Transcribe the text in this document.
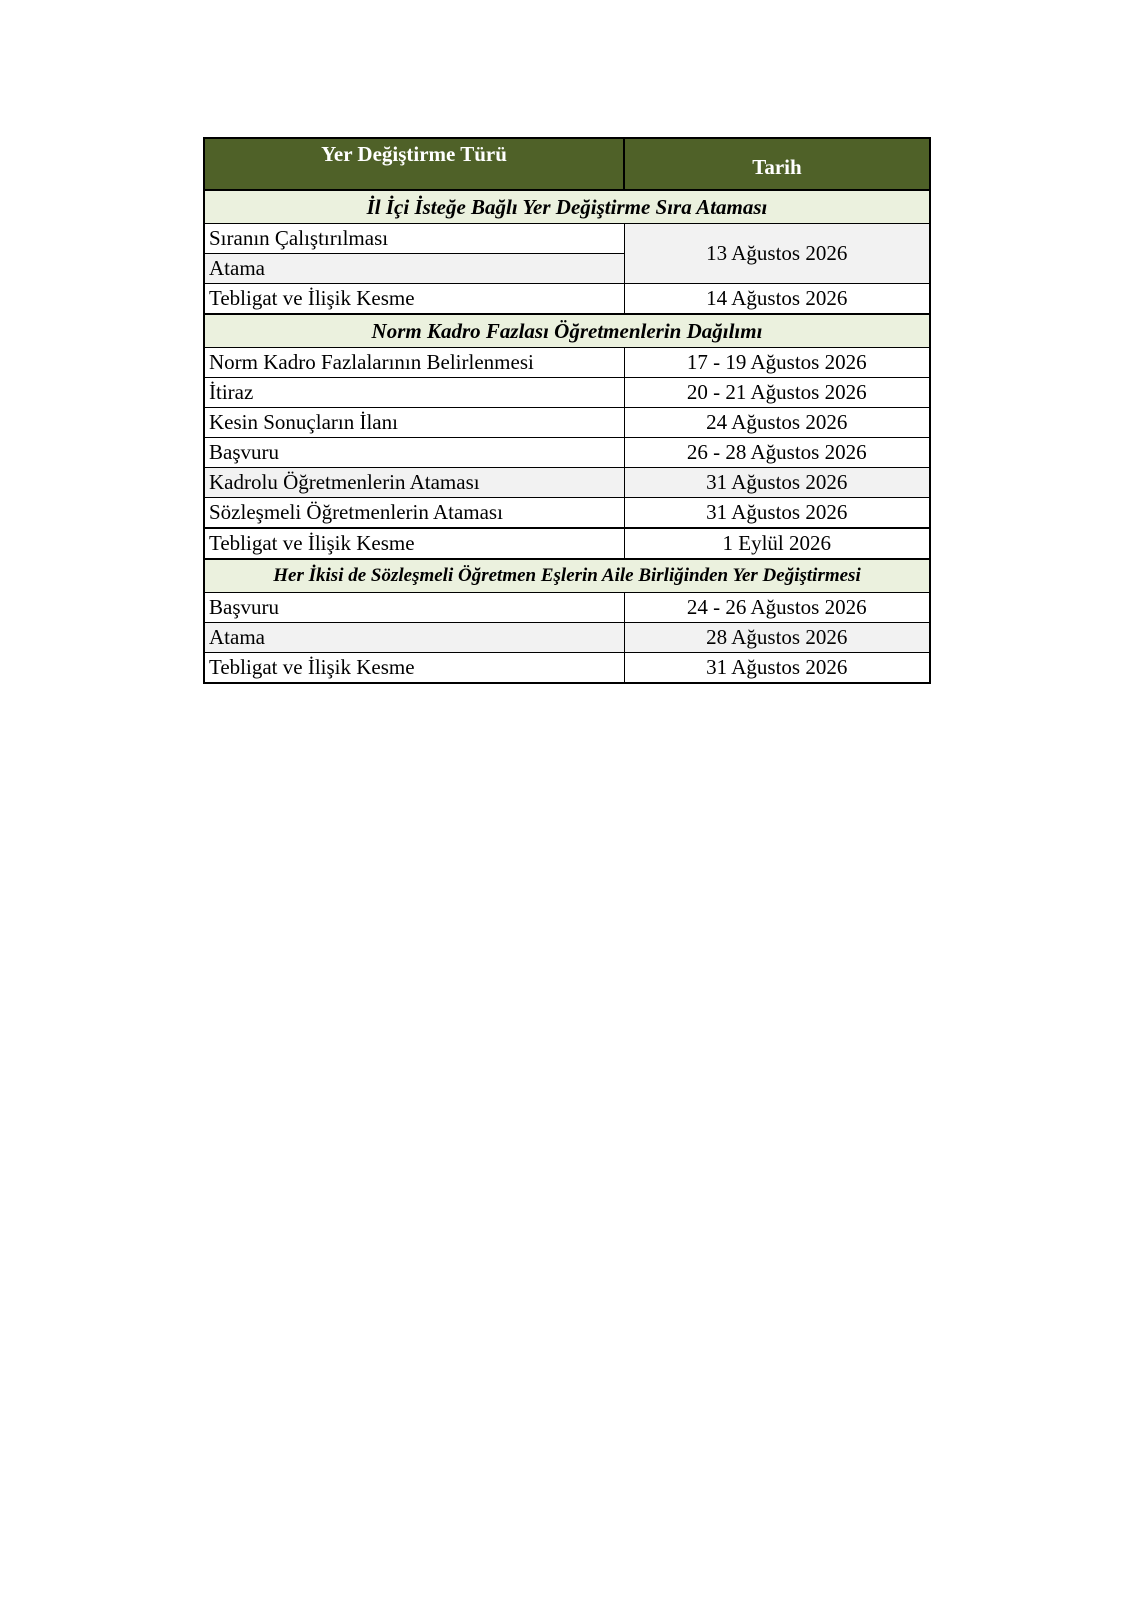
Yer Değiştirme Türü	Tarih
İl İçi İsteğe Bağlı Yer Değiştirme Sıra Ataması	
Sıranın Çalıştırılması	13 Ağustos 2026
Atama	
Tebligat ve İlişik Kesme	14 Ağustos 2026
Norm Kadro Fazlası Öğretmenlerin Dağılımı	
Norm Kadro Fazlalarının Belirlenmesi	17 - 19 Ağustos 2026
İtiraz	20 - 21 Ağustos 2026
Kesin Sonuçların İlanı	24 Ağustos 2026
Başvuru	26 - 28 Ağustos 2026
Kadrolu Öğretmenlerin Ataması	31 Ağustos 2026
Sözleşmeli Öğretmenlerin Ataması	31 Ağustos 2026
Tebligat ve İlişik Kesme	1 Eylül 2026
Her İkisi de Sözleşmeli Öğretmen Eşlerin Aile Birliğinden Yer Değiştirmesi	
Başvuru	24 - 26 Ağustos 2026
Atama	28 Ağustos 2026
Tebligat ve İlişik Kesme	31 Ağustos 2026
